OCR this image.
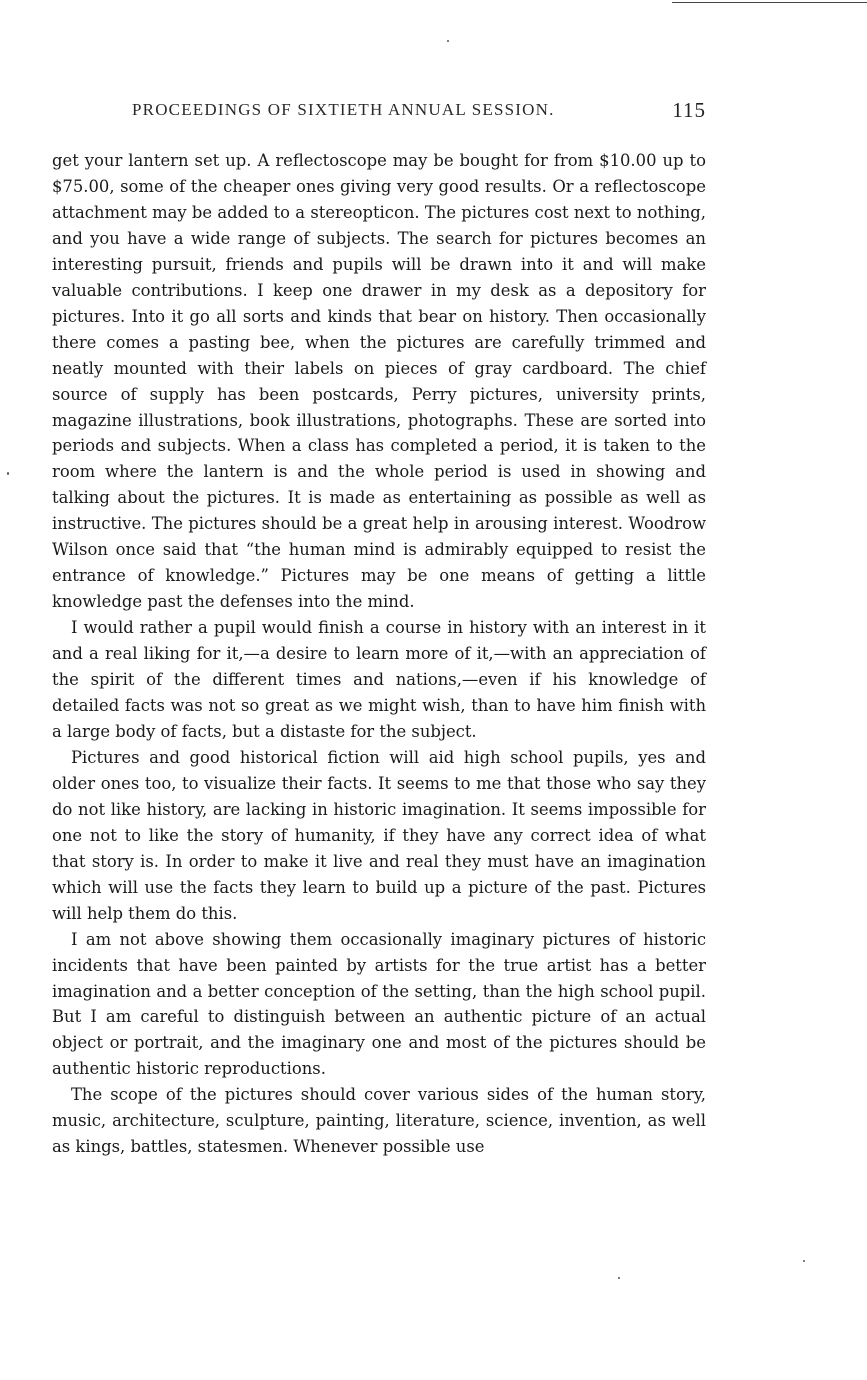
PROCEEDINGS OF SIXTIETH ANNUAL SESSION.	115

get your lantern set up. A reflectoscope may be bought for from $10.00 up to $75.00, some of the cheaper ones giving very good results. Or a reflectoscope attachment may be added to a stereopticon. The pictures cost next to nothing, and you have a wide range of subjects. The search for pictures becomes an interesting pursuit, friends and pupils will be drawn into it and will make valuable contributions. I keep one drawer in my desk as a depository for pictures. Into it go all sorts and kinds that bear on history. Then occasionally there comes a pasting bee, when the pictures are carefully trimmed and neatly mounted with their labels on pieces of gray cardboard. The chief source of supply has been postcards, Perry pictures, university prints, magazine illustrations, book illustrations, photographs. These are sorted into periods and subjects. When a class has completed a period, it is taken to the room where the lantern is and the whole period is used in showing and talking about the pictures. It is made as entertaining as possible as well as instructive. The pictures should be a great help in arousing interest. Woodrow Wilson once said that “the human mind is admirably equipped to resist the entrance of knowledge.” Pictures may be one means of getting a little knowledge past the defenses into the mind.

I would rather a pupil would finish a course in history with an interest in it and a real liking for it,—a desire to learn more of it,—with an appreciation of the spirit of the different times and nations,—even if his knowledge of detailed facts was not so great as we might wish, than to have him finish with a large body of facts, but a distaste for the subject.

Pictures and good historical fiction will aid high school pupils, yes and older ones too, to visualize their facts. It seems to me that those who say they do not like history, are lacking in historic imagination. It seems impossible for one not to like the story of humanity, if they have any correct idea of what that story is. In order to make it live and real they must have an imagination which will use the facts they learn to build up a picture of the past. Pictures will help them do this.

I am not above showing them occasionally imaginary pictures of historic incidents that have been painted by artists for the true artist has a better imagination and a better conception of the setting, than the high school pupil. But I am careful to distinguish between an authentic picture of an actual object or portrait, and the imaginary one and most of the pictures should be authentic historic reproductions.

The scope of the pictures should cover various sides of the human story, music, architecture, sculpture, painting, literature, science, invention, as well as kings, battles, statesmen. Whenever possible use
